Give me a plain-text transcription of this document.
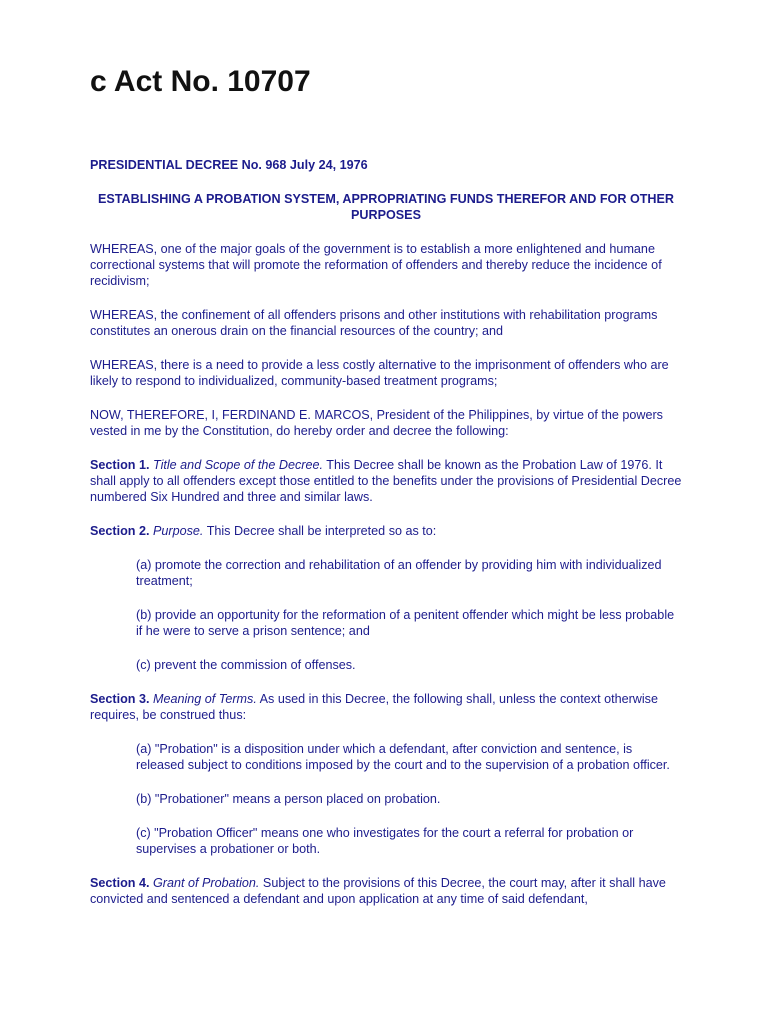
c Act No. 10707

PRESIDENTIAL DECREE No. 968 July 24, 1976

ESTABLISHING A PROBATION SYSTEM, APPROPRIATING FUNDS THEREFOR AND FOR OTHER PURPOSES

WHEREAS, one of the major goals of the government is to establish a more enlightened and humane correctional systems that will promote the reformation of offenders and thereby reduce the incidence of recidivism;

WHEREAS, the confinement of all offenders prisons and other institutions with rehabilitation programs constitutes an onerous drain on the financial resources of the country; and

WHEREAS, there is a need to provide a less costly alternative to the imprisonment of offenders who are likely to respond to individualized, community-based treatment programs;

NOW, THEREFORE, I, FERDINAND E. MARCOS, President of the Philippines, by virtue of the powers vested in me by the Constitution, do hereby order and decree the following:

Section 1. Title and Scope of the Decree. This Decree shall be known as the Probation Law of 1976. It shall apply to all offenders except those entitled to the benefits under the provisions of Presidential Decree numbered Six Hundred and three and similar laws.

Section 2. Purpose. This Decree shall be interpreted so as to:

(a) promote the correction and rehabilitation of an offender by providing him with individualized treatment;

(b) provide an opportunity for the reformation of a penitent offender which might be less probable if he were to serve a prison sentence; and

(c) prevent the commission of offenses.

Section 3. Meaning of Terms. As used in this Decree, the following shall, unless the context otherwise requires, be construed thus:

(a) "Probation" is a disposition under which a defendant, after conviction and sentence, is released subject to conditions imposed by the court and to the supervision of a probation officer.

(b) "Probationer" means a person placed on probation.

(c) "Probation Officer" means one who investigates for the court a referral for probation or supervises a probationer or both.

Section 4. Grant of Probation. Subject to the provisions of this Decree, the court may, after it shall have convicted and sentenced a defendant and upon application at any time of said defendant,
